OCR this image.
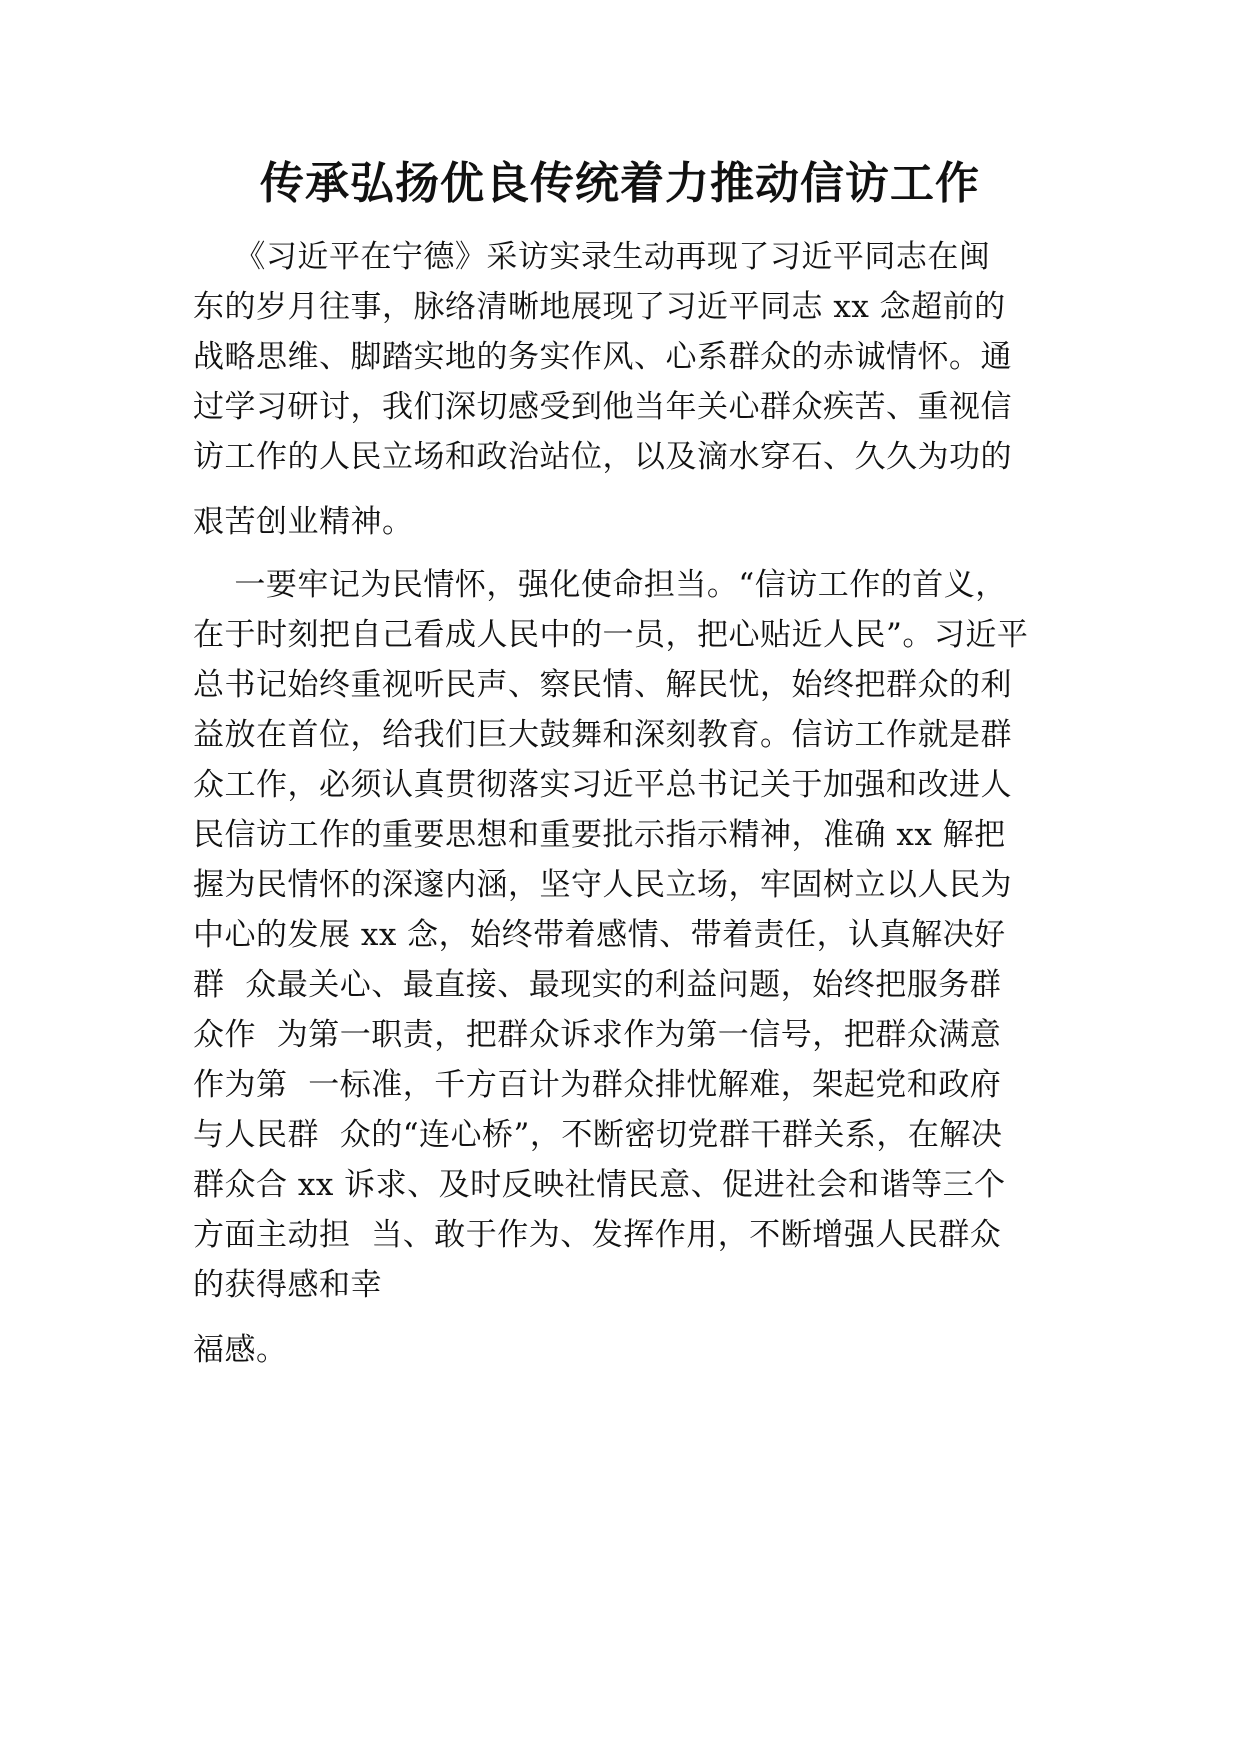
传承弘扬优良传统着力推动信访工作
《习近平在宁德》采访实录生动再现了习近平同志在闽
东的岁月往事，脉络清晰地展现了习近平同志 xx 念超前的
战略思维、脚踏实地的务实作风、心系群众的赤诚情怀。通
过学习研讨，我们深切感受到他当年关心群众疾苦、重视信
访工作的人民立场和政治站位，以及滴水穿石、久久为功的
艰苦创业精神。
一要牢记为民情怀，强化使命担当。“信访工作的首义，
在于时刻把自己看成人民中的一员，把心贴近人民”。习近平
总书记始终重视听民声、察民情、解民忧，始终把群众的利
益放在首位，给我们巨大鼓舞和深刻教育。信访工作就是群
众工作，必须认真贯彻落实习近平总书记关于加强和改进人
民信访工作的重要思想和重要批示指示精神，准确 xx 解把
握为民情怀的深邃内涵，坚守人民立场，牢固树立以人民为
中心的发展 xx 念，始终带着感情、带着责任，认真解决好
群  众最关心、最直接、最现实的利益问题，始终把服务群
众作  为第一职责，把群众诉求作为第一信号，把群众满意
作为第  一标准，千方百计为群众排忧解难，架起党和政府
与人民群  众的“连心桥”，不断密切党群干群关系，在解决
群众合 xx 诉求、及时反映社情民意、促进社会和谐等三个
方面主动担  当、敢于作为、发挥作用，不断增强人民群众
的获得感和幸
福感。
